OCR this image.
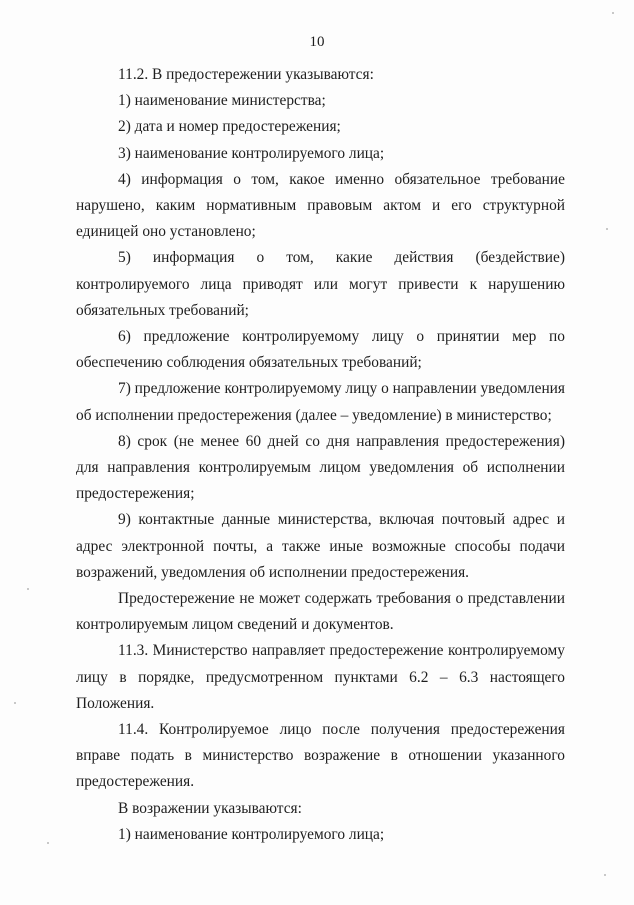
10

11.2. В предостережении указываются:

1) наименование министерства;

2) дата и номер предостережения;

3) наименование контролируемого лица;

4) информация о том, какое именно обязательное требование нарушено, каким нормативным правовым актом и его структурной единицей оно установлено;

5) информация о том, какие действия (бездействие) контролируемого лица приводят или могут привести к нарушению обязательных требований;

6) предложение контролируемому лицу о принятии мер по обеспечению соблюдения обязательных требований;

7) предложение контролируемому лицу о направлении уведомления об исполнении предостережения (далее – уведомление) в министерство;

8) срок (не менее 60 дней со дня направления предостережения) для направления контролируемым лицом уведомления об исполнении предостережения;

9) контактные данные министерства, включая почтовый адрес и адрес электронной почты, а также иные возможные способы подачи возражений, уведомления об исполнении предостережения.

Предостережение не может содержать требования о представлении контролируемым лицом сведений и документов.

11.3. Министерство направляет предостережение контролируемому лицу в порядке, предусмотренном пунктами 6.2 – 6.3 настоящего Положения.

11.4. Контролируемое лицо после получения предостережения вправе подать в министерство возражение в отношении указанного предостережения.

В возражении указываются:

1) наименование контролируемого лица;
